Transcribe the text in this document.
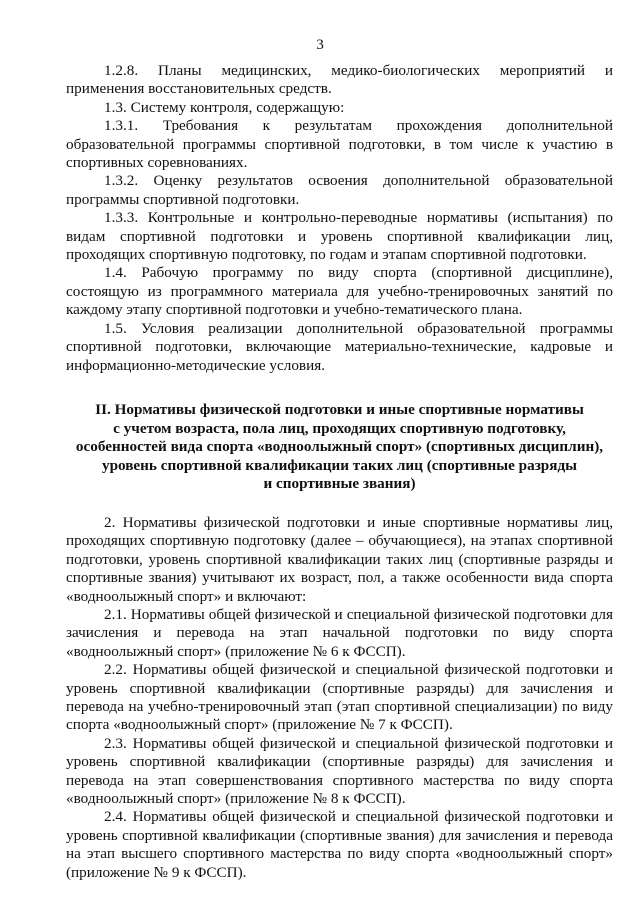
3

1.2.8. Планы медицинских, медико-биологических мероприятий и применения восстановительных средств.

1.3. Систему контроля, содержащую:

1.3.1. Требования к результатам прохождения дополнительной образовательной программы спортивной подготовки, в том числе к участию в спортивных соревнованиях.

1.3.2. Оценку результатов освоения дополнительной образовательной программы спортивной подготовки.

1.3.3. Контрольные и контрольно-переводные нормативы (испытания) по видам спортивной подготовки и уровень спортивной квалификации лиц, проходящих спортивную подготовку, по годам и этапам спортивной подготовки.

1.4. Рабочую программу по виду спорта (спортивной дисциплине), состоящую из программного материала для учебно-тренировочных занятий по каждому этапу спортивной подготовки и учебно-тематического плана.

1.5. Условия реализации дополнительной образовательной программы спортивной подготовки, включающие материально-технические, кадровые и информационно-методические условия.

II. Нормативы физической подготовки и иные спортивные нормативы
с учетом возраста, пола лиц, проходящих спортивную подготовку,
особенностей вида спорта «водноолыжный спорт» (спортивных дисциплин),
уровень спортивной квалификации таких лиц (спортивные разряды
и спортивные звания)

2. Нормативы физической подготовки и иные спортивные нормативы лиц, проходящих спортивную подготовку (далее – обучающиеся), на этапах спортивной подготовки, уровень спортивной квалификации таких лиц (спортивные разряды и спортивные звания) учитывают их возраст, пол, а также особенности вида спорта «водноолыжный спорт» и включают:

2.1. Нормативы общей физической и специальной физической подготовки для зачисления и перевода на этап начальной подготовки по виду спорта «водноолыжный спорт» (приложение № 6 к ФССП).

2.2. Нормативы общей физической и специальной физической подготовки и уровень спортивной квалификации (спортивные разряды) для зачисления и перевода на учебно-тренировочный этап (этап спортивной специализации) по виду спорта «водноолыжный спорт» (приложение № 7 к ФССП).

2.3. Нормативы общей физической и специальной физической подготовки и уровень спортивной квалификации (спортивные разряды) для зачисления и перевода на этап совершенствования спортивного мастерства по виду спорта «водноолыжный спорт» (приложение № 8 к ФССП).

2.4. Нормативы общей физической и специальной физической подготовки и уровень спортивной квалификации (спортивные звания) для зачисления и перевода на этап высшего спортивного мастерства по виду спорта «водноолыжный спорт» (приложение № 9 к ФССП).
